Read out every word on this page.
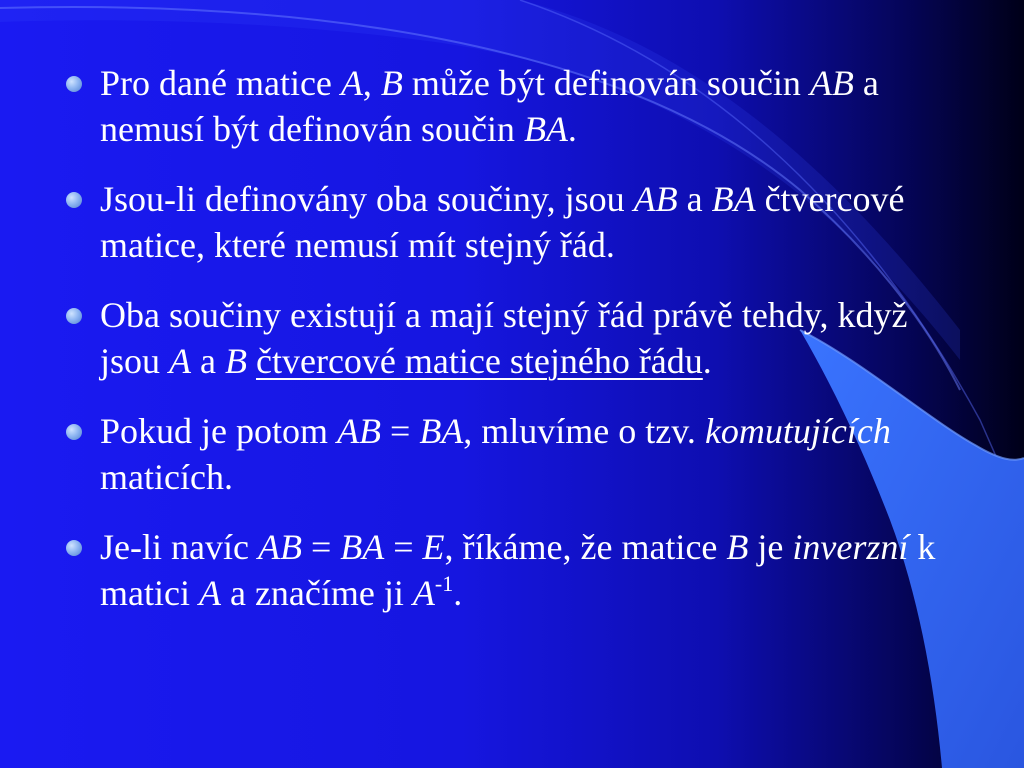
Pro dané matice A, B může být definován součin AB a nemusí být definován součin BA.
Jsou-li definovány oba součiny, jsou AB a BA čtvercové matice, které nemusí mít stejný řád.
Oba součiny existují a mají stejný řád právě tehdy, když jsou A a B čtvercové matice stejného řádu.
Pokud je potom AB = BA, mluvíme o tzv. komutujících maticích.
Je-li navíc AB = BA = E, říkáme, že matice B je inverzní k matici A a značíme ji $A^{-1}$.
